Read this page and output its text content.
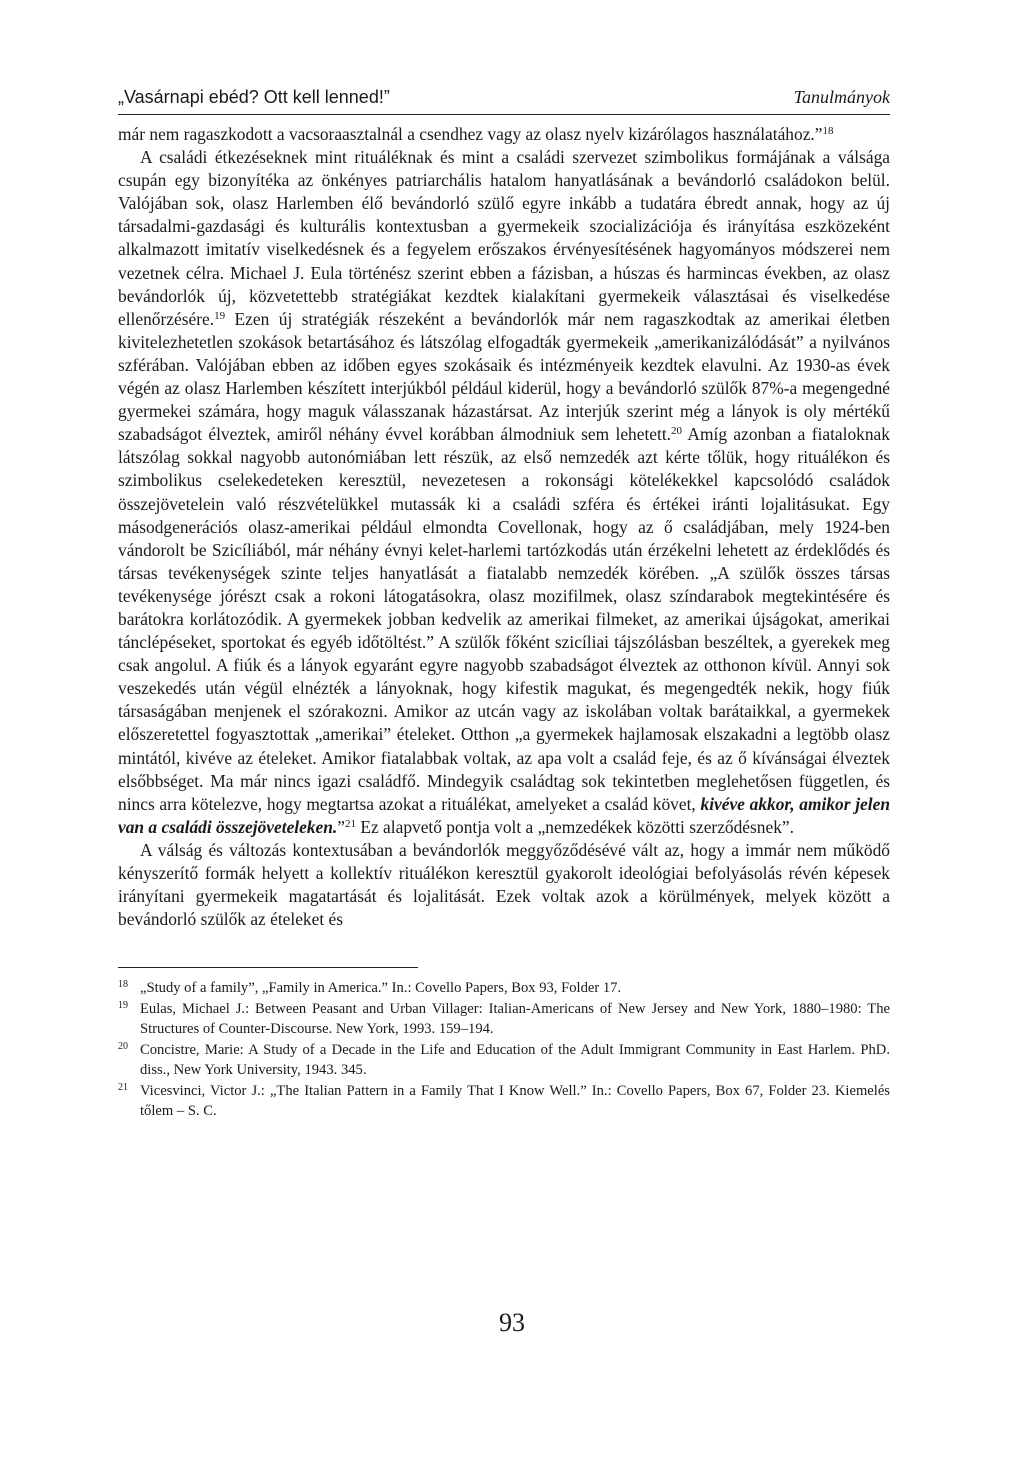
„Vasárnapi ebéd? Ott kell lenned!”	Tanulmányok

már nem ragaszkodott a vacsoraasztalnál a csendhez vagy az olasz nyelv kizárólagos használatához.”$^{18}$

A családi étkezéseknek mint rituáléknak és mint a családi szervezet szimbolikus formájának a válsága csupán egy bizonyítéka az önkényes patriarchális hatalom hanyatlásának a bevándorló családokon belül. Valójában sok, olasz Harlemben élő bevándorló szülő egyre inkább a tudatára ébredt annak, hogy az új társadalmi-gazdasági és kulturális kontextusban a gyermekeik szocializációja és irányítása eszközeként alkalmazott imitatív viselkedésnek és a fegyelem erőszakos érvényesítésének hagyományos módszerei nem vezetnek célra. Michael J. Eula történész szerint ebben a fázisban, a húszas és harmincas években, az olasz bevándorlók új, közvetettebb stratégiákat kezdtek kialakítani gyermekeik választásai és viselkedése ellenőrzésére.$^{19}$ Ezen új stratégiák részeként a bevándorlók már nem ragaszkodtak az amerikai életben kivitelezhetetlen szokások betartásához és látszólag elfogadták gyermekeik „amerikanizálódását” a nyilvános szférában. Valójában ebben az időben egyes szokásaik és intézményeik kezdtek elavulni. Az 1930-as évek végén az olasz Harlemben készített interjúkból például kiderül, hogy a bevándorló szülők 87%-a megengedné gyermekei számára, hogy maguk válasszanak házastársat. Az interjúk szerint még a lányok is oly mértékű szabadságot élveztek, amiről néhány évvel korábban álmodniuk sem lehetett.$^{20}$ Amíg azonban a fiataloknak látszólag sokkal nagyobb autonómiában lett részük, az első nemzedék azt kérte tőlük, hogy rituálékon és szimbolikus cselekedeteken keresztül, nevezetesen a rokonsági kötelékekkel kapcsolódó családok összejövetelein való részvételükkel mutassák ki a családi szféra és értékei iránti lojalitásukat. Egy másodgenerációs olasz-amerikai például elmondta Covellonak, hogy az ő családjában, mely 1924-ben vándorolt be Szicíliából, már néhány évnyi kelet-harlemi tartózkodás után érzékelni lehetett az érdeklődés és társas tevékenységek szinte teljes hanyatlását a fiatalabb nemzedék körében. „A szülők összes társas tevékenysége jórészt csak a rokoni látogatásokra, olasz mozifilmek, olasz színdarabok megtekintésére és barátokra korlátozódik. A gyermekek jobban kedvelik az amerikai filmeket, az amerikai újságokat, amerikai tánclépéseket, sportokat és egyéb időtöltést.” A szülők főként szicíliai tájszólásban beszéltek, a gyerekek meg csak angolul. A fiúk és a lányok egyaránt egyre nagyobb szabadságot élveztek az otthonon kívül. Annyi sok veszekedés után végül elnézték a lányoknak, hogy kifestik magukat, és megengedték nekik, hogy fiúk társaságában menjenek el szórakozni. Amikor az utcán vagy az iskolában voltak barátaikkal, a gyermekek előszeretettel fogyasztottak „amerikai” ételeket. Otthon „a gyermekek hajlamosak elszakadni a legtöbb olasz mintától, kivéve az ételeket. Amikor fiatalabbak voltak, az apa volt a család feje, és az ő kívánságai élveztek elsőbbséget. Ma már nincs igazi családfő. Mindegyik családtag sok tekintetben meglehetősen független, és nincs arra kötelezve, hogy megtartsa azokat a rituálékat, amelyeket a család követ, kivéve akkor, amikor jelen van a családi összejöveteleken.”$^{21}$ Ez alapvető pontja volt a „nemzedékek közötti szerződésnek”.

A válság és változás kontextusában a bevándorlók meggyőződésévé vált az, hogy a immár nem működő kényszerítő formák helyett a kollektív rituálékon keresztül gyakorolt ideológiai befolyásolás révén képesek irányítani gyermekeik magatartását és lojalitását. Ezek voltak azok a körülmények, melyek között a bevándorló szülők az ételeket és

18 „Study of a family”, „Family in America.” In.: Covello Papers, Box 93, Folder 17.
19 Eulas, Michael J.: Between Peasant and Urban Villager: Italian-Americans of New Jersey and New York, 1880–1980: The Structures of Counter-Discourse. New York, 1993. 159–194.
20 Concistre, Marie: A Study of a Decade in the Life and Education of the Adult Immigrant Community in East Harlem. PhD. diss., New York University, 1943. 345.
21 Vicesvinci, Victor J.: „The Italian Pattern in a Family That I Know Well.” In.: Covello Papers, Box 67, Folder 23. Kiemelés tőlem – S. C.
93
